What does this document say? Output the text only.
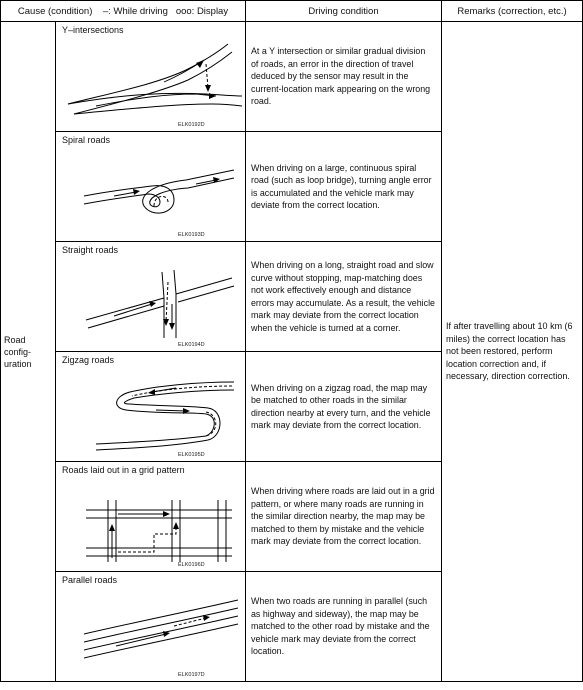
Cause (condition) –: While driving ooo: Display		Driving condition	Remarks (correction, etc.)
Road config-
uration	Y–intersections
ELK0192D	At a Y intersection or similar gradual division of roads, an error in the direction of travel deduced by the sensor may result in the current-location mark appearing on the wrong road.	If after travelling about 10 km (6 miles) the correct location has not been restored, perform location correction and, if necessary, direction correction.

	Spiral roads
ELK0193D	When driving on a large, continuous spiral road (such as loop bridge), turning angle error is accumulated and the vehicle mark may deviate from the correct location.	

	Straight roads
ELK0194D	When driving on a long, straight road and slow curve without stopping, map-matching does not work effectively enough and distance errors may accumulate. As a result, the vehicle mark may deviate from the correct location when the vehicle is turned at a corner.	

	Zigzag roads
ELK0195D	When driving on a zigzag road, the map may be matched to other roads in the similar direction nearby at every turn, and the vehicle mark may deviate from the correct location.	

	Roads laid out in a grid pattern
ELK0196D	When driving where roads are laid out in a grid pattern, or where many roads are running in the similar direction nearby, the map may be matched to them by mistake and the vehicle mark may deviate from the correct location.	

	Parallel roads
ELK0197D	When two roads are running in parallel (such as highway and sideway), the map may be matched to the other road by mistake and the vehicle mark may deviate from the correct location.	
